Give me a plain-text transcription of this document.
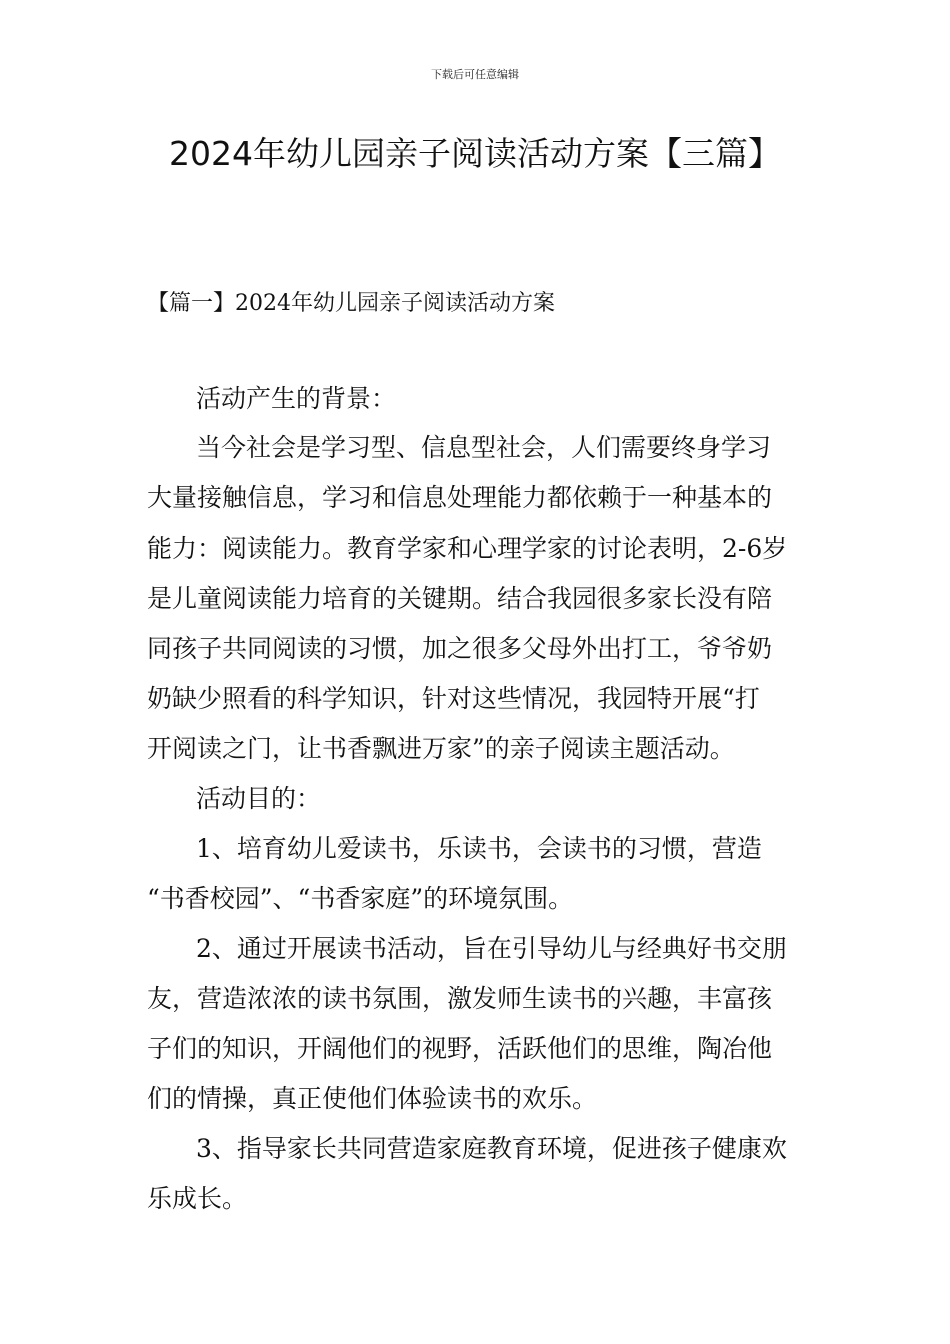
下载后可任意编辑
2024年幼儿园亲子阅读活动方案【三篇】
【篇一】2024年幼儿园亲子阅读活动方案
活动产生的背景：
当今社会是学习型、信息型社会，人们需要终身学习
大量接触信息，学习和信息处理能力都依赖于一种基本的
能力：阅读能力。教育学家和心理学家的讨论表明，2-6岁
是儿童阅读能力培育的关键期。结合我园很多家长没有陪
同孩子共同阅读的习惯，加之很多父母外出打工，爷爷奶
奶缺少照看的科学知识，针对这些情况，我园特开展“打
开阅读之门，让书香飘进万家”的亲子阅读主题活动。
活动目的：
1、培育幼儿爱读书，乐读书，会读书的习惯，营造
“书香校园”、“书香家庭”的环境氛围。
2、通过开展读书活动，旨在引导幼儿与经典好书交朋
友，营造浓浓的读书氛围，激发师生读书的兴趣，丰富孩
子们的知识，开阔他们的视野，活跃他们的思维，陶冶他
们的情操，真正使他们体验读书的欢乐。
3、指导家长共同营造家庭教育环境，促进孩子健康欢
乐成长。
